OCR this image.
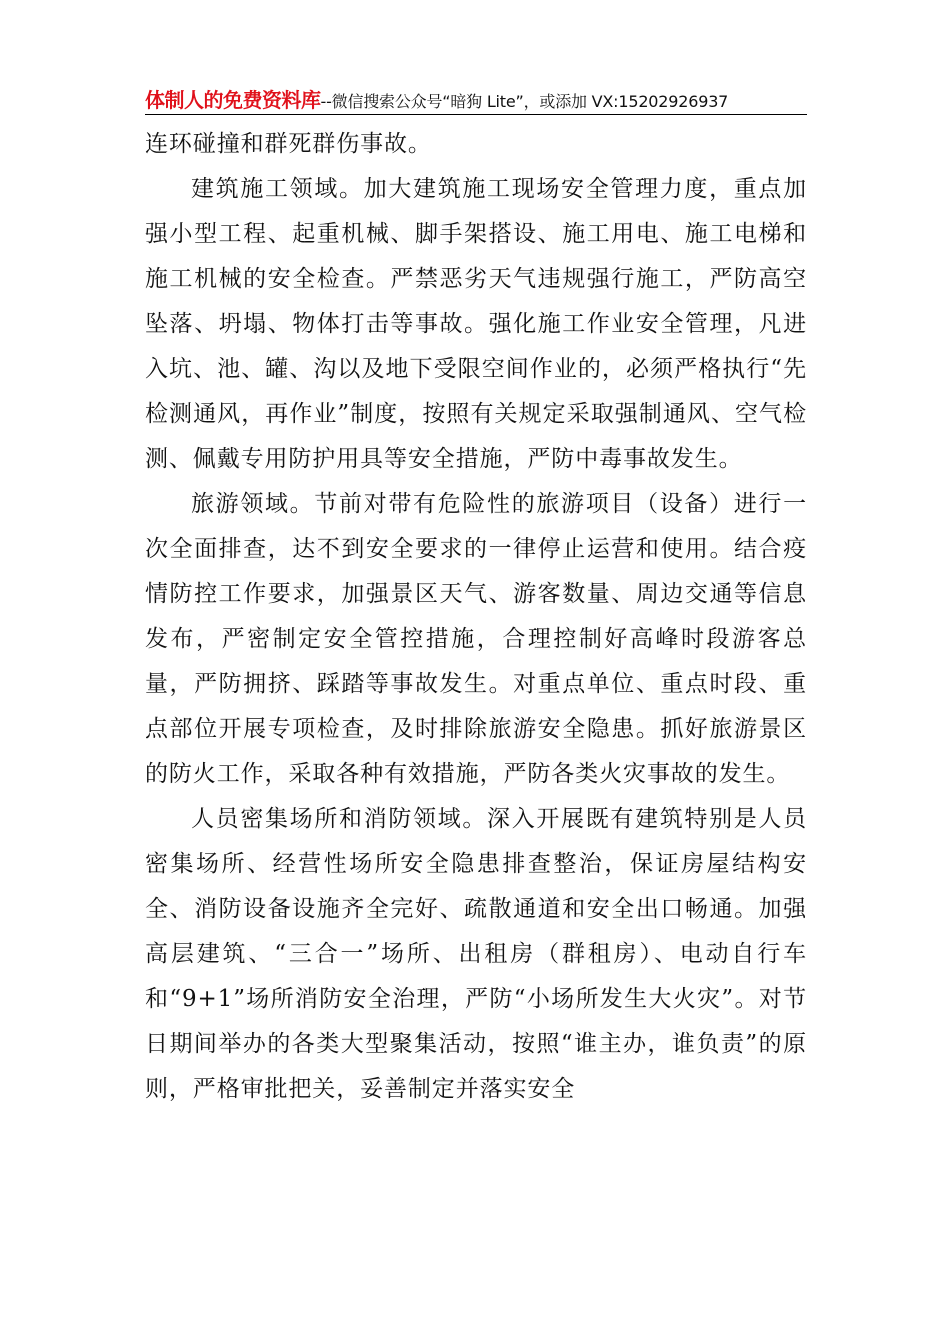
体制人的免费资料库--微信搜索公众号“暗狗 Lite”，或添加 VX:15202926937

连环碰撞和群死群伤事故。

建筑施工领域。加大建筑施工现场安全管理力度，重点加强小型工程、起重机械、脚手架搭设、施工用电、施工电梯和施工机械的安全检查。严禁恶劣天气违规强行施工，严防高空坠落、坍塌、物体打击等事故。强化施工作业安全管理，凡进入坑、池、罐、沟以及地下受限空间作业的，必须严格执行“先检测通风，再作业”制度，按照有关规定采取强制通风、空气检测、佩戴专用防护用具等安全措施，严防中毒事故发生。

旅游领域。节前对带有危险性的旅游项目（设备）进行一次全面排查，达不到安全要求的一律停止运营和使用。结合疫情防控工作要求，加强景区天气、游客数量、周边交通等信息发布，严密制定安全管控措施，合理控制好高峰时段游客总量，严防拥挤、踩踏等事故发生。对重点单位、重点时段、重点部位开展专项检查，及时排除旅游安全隐患。抓好旅游景区的防火工作，采取各种有效措施，严防各类火灾事故的发生。

人员密集场所和消防领域。深入开展既有建筑特别是人员密集场所、经营性场所安全隐患排查整治，保证房屋结构安全、消防设备设施齐全完好、疏散通道和安全出口畅通。加强高层建筑、“三合一”场所、出租房（群租房）、电动自行车和“9+1”场所消防安全治理，严防“小场所发生大火灾”。对节日期间举办的各类大型聚集活动，按照“谁主办，谁负责”的原则，严格审批把关，妥善制定并落实安全
